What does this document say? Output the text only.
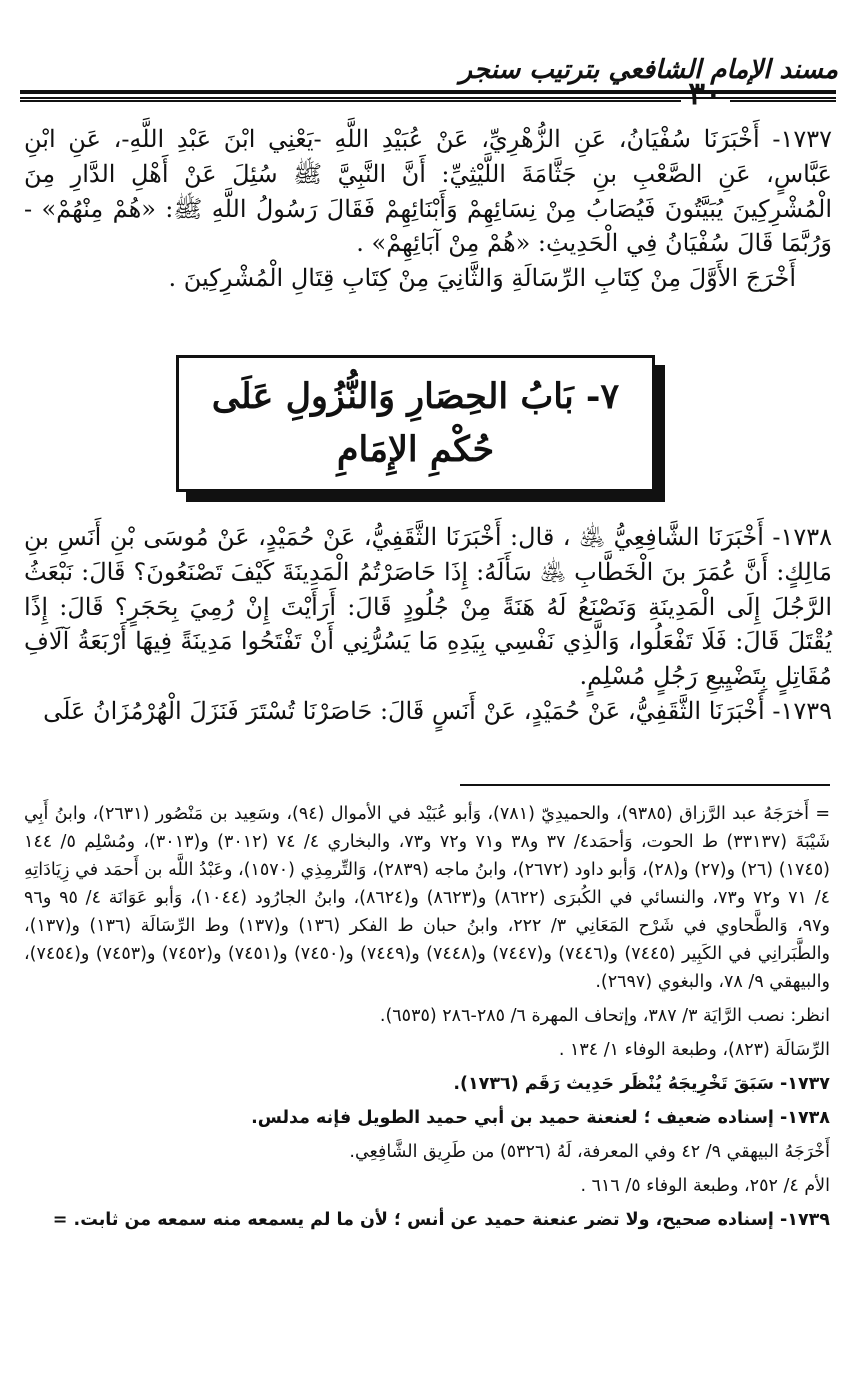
مسند الإمام الشافعي بترتيب سنجر
٣٠

١٧٣٧- أَخْبَرَنَا سُفْيَانُ، عَنِ الزُّهْرِيِّ، عَنْ عُبَيْدِ اللَّهِ -يَعْنِي ابْنَ عَبْدِ اللَّهِ-، عَنِ ابْنِ عَبَّاسٍ، عَنِ الصَّعْبِ بنِ جَثَّامَةَ اللَّيْثِيِّ: أَنَّ النَّبِيَّ ﷺ سُئِلَ عَنْ أَهْلِ الدَّارِ مِنَ الْمُشْرِكِينَ يُبَيَّتُونَ فَيُصَابُ مِنْ نِسَائِهِمْ وَأَبْنَائِهِمْ فَقَالَ رَسُولُ اللَّهِ ﷺ: «هُمْ مِنْهُمْ» - وَرُبَّمَا قَالَ سُفْيَانُ فِي الْحَدِيثِ: «هُمْ مِنْ آبَائِهِمْ» .

أَخْرَجَ الأَوَّلَ مِنْ كِتَابِ الرِّسَالَةِ وَالثَّانِيَ مِنْ كِتَابِ قِتَالِ الْمُشْرِكِينَ .

٧- بَابُ الحِصَارِ وَالنُّزُولِ عَلَى حُكْمِ الإِمَامِ

١٧٣٨- أَخْبَرَنَا الشَّافِعِيُّ ﵁ ، قال: أَخْبَرَنَا الثَّقَفِيُّ، عَنْ حُمَيْدٍ، عَنْ مُوسَى بْنِ أَنَسِ بنِ مَالِكٍ: أَنَّ عُمَرَ بنَ الْخَطَّابِ ﵁ سَأَلَهُ: إِذَا حَاصَرْتُمُ الْمَدِينَةَ كَيْفَ تَصْنَعُونَ؟ قَالَ: نَبْعَثُ الرَّجُلَ إِلَى الْمَدِينَةِ وَنَصْنَعُ لَهُ هَنَةً مِنْ جُلُودٍ قَالَ: أَرَأَيْتَ إِنْ رُمِيَ بِحَجَرٍ؟ قَالَ: إِذًا يُقْتَلَ قَالَ: فَلَا تَفْعَلُوا، وَالَّذِي نَفْسِي بِيَدِهِ مَا يَسُرُّنِي أَنْ تَفْتَحُوا مَدِينَةً فِيهَا أَرْبَعَةُ آلَافِ مُقَاتِلٍ بِتَضْيِيعِ رَجُلٍ مُسْلِمٍ.

١٧٣٩- أَخْبَرَنَا الثَّقَفِيُّ، عَنْ حُمَيْدٍ، عَنْ أَنَسٍ قَالَ: حَاصَرْنَا تُسْتَرَ فَنَزَلَ الْهُرْمُزَانُ عَلَى

= أَخرَجَهُ عبد الرَّزاق (٩٣٨٥)، والحميدِيّ (٧٨١)، وَأبو عُبَيْد في الأموال (٩٤)، وسَعِيد بن مَنْصُور (٢٦٣١)، وابنُ أَبِي شَيْبَةَ (٣٣١٣٧) ط الحوت، وَأحمَد٤/ ٣٧ و٣٨ و٧١ و٧٢ و٧٣، والبخاري ٤/ ٧٤ (٣٠١٢) و(٣٠١٣)، ومُسْلِم ٥/ ١٤٤ (١٧٤٥) (٢٦) و(٢٧) و(٢٨)، وَأبو داود (٢٦٧٢)، وابنُ ماجه (٢٨٣٩)، وَالتِّرمِذِي (١٥٧٠)، وعَبْدُ اللَّه بن أَحمَد في زِيَادَاتِهِ ٤/ ٧١ و٧٢ و٧٣، والنسائي في الكُبرَى (٨٦٢٢) و(٨٦٢٣) و(٨٦٢٤)، وابنُ الجارُود (١٠٤٤)، وَأبو عَوَانَة ٤/ ٩٥ و٩٦ و٩٧، وَالطَّحاوي في شَرْح المَعَانِي ٣/ ٢٢٢، وابنُ حبان ط الفكر (١٣٦) و(١٣٧) وط الرِّسَالَة (١٣٦) و(١٣٧)، والطَّبَرانِي في الكَبِير (٧٤٤٥) و(٧٤٤٦) و(٧٤٤٧) و(٧٤٤٨) و(٧٤٤٩) و(٧٤٥٠) و(٧٤٥١) و(٧٤٥٢) و(٧٤٥٣) و(٧٤٥٤)، والبيهقي ٩/ ٧٨، والبغوي (٢٦٩٧).

انظر: نصب الرَّايَة ٣/ ٣٨٧، وإتحاف المهرة ٦/ ٢٨٥-٢٨٦ (٦٥٣٥).

الرِّسَالَة (٨٢٣)، وطبعة الوفاء ١/ ١٣٤ .

١٧٣٧- سَبَقَ تَخْرِيجَهُ يُنْظَر حَدِيث رَقَم (١٧٣٦).

١٧٣٨- إسناده ضعيف ؛ لعنعنة حميد بن أبي حميد الطويل فإنه مدلس.

أَخْرَجَهُ البيهقي ٩/ ٤٢ وفي المعرفة، لَهُ (٥٣٢٦) من طَرِيق الشَّافِعِي.

الأم ٤/ ٢٥٢، وطبعة الوفاء ٥/ ٦١٦ .

١٧٣٩- إسناده صحيح، ولا تضر عنعنة حميد عن أنس ؛ لأن ما لم يسمعه منه سمعه من ثابت. =
